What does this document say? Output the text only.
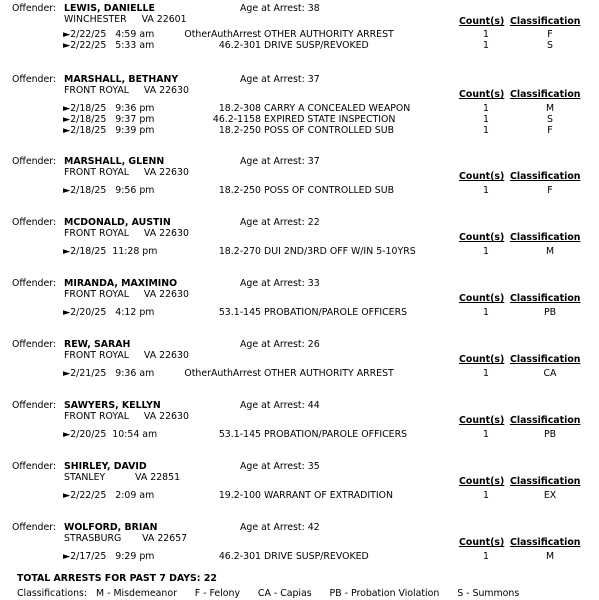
Offender: LEWIS, DANIELLE	Age at Arrest: 38
WINCHESTER     VA 22601	Count(s) Classification
►2/22/25   4:59 am	OtherAuthArrest OTHER AUTHORITY ARREST	1	F
►2/22/25   5:33 am	46.2-301 DRIVE SUSP/REVOKED	1	S
Offender: MARSHALL, BETHANY	Age at Arrest: 37
FRONT ROYAL     VA 22630	Count(s) Classification
►2/18/25   9:36 pm	18.2-308 CARRY A CONCEALED WEAPON	1	M
►2/18/25   9:37 pm	46.2-1158 EXPIRED STATE INSPECTION	1	S
►2/18/25   9:39 pm	18.2-250 POSS OF CONTROLLED SUB	1	F
Offender: MARSHALL, GLENN	Age at Arrest: 37
FRONT ROYAL     VA 22630	Count(s) Classification
►2/18/25   9:56 pm	18.2-250 POSS OF CONTROLLED SUB	1	F
Offender: MCDONALD, AUSTIN	Age at Arrest: 22
FRONT ROYAL     VA 22630	Count(s) Classification
►2/18/25  11:28 pm	18.2-270 DUI 2ND/3RD OFF W/IN 5-10YRS	1	M
Offender: MIRANDA, MAXIMINO	Age at Arrest: 33
FRONT ROYAL     VA 22630	Count(s) Classification
►2/20/25   4:12 pm	53.1-145 PROBATION/PAROLE OFFICERS	1	PB
Offender: REW, SARAH	Age at Arrest: 26
FRONT ROYAL     VA 22630	Count(s) Classification
►2/21/25   9:36 am	OtherAuthArrest OTHER AUTHORITY ARREST	1	CA
Offender: SAWYERS, KELLYN	Age at Arrest: 44
FRONT ROYAL     VA 22630	Count(s) Classification
►2/20/25  10:54 am	53.1-145 PROBATION/PAROLE OFFICERS	1	PB
Offender: SHIRLEY, DAVID	Age at Arrest: 35
STANLEY          VA 22851	Count(s) Classification
►2/22/25   2:09 am	19.2-100 WARRANT OF EXTRADITION	1	EX
Offender: WOLFORD, BRIAN	Age at Arrest: 42
STRASBURG       VA 22657	Count(s) Classification
►2/17/25   9:29 pm	46.2-301 DRIVE SUSP/REVOKED	1	M
TOTAL ARRESTS FOR PAST 7 DAYS: 22
Classifications:   M - Misdemeanor      F - Felony      CA - Capias      PB - Probation Violation      S - Summons
